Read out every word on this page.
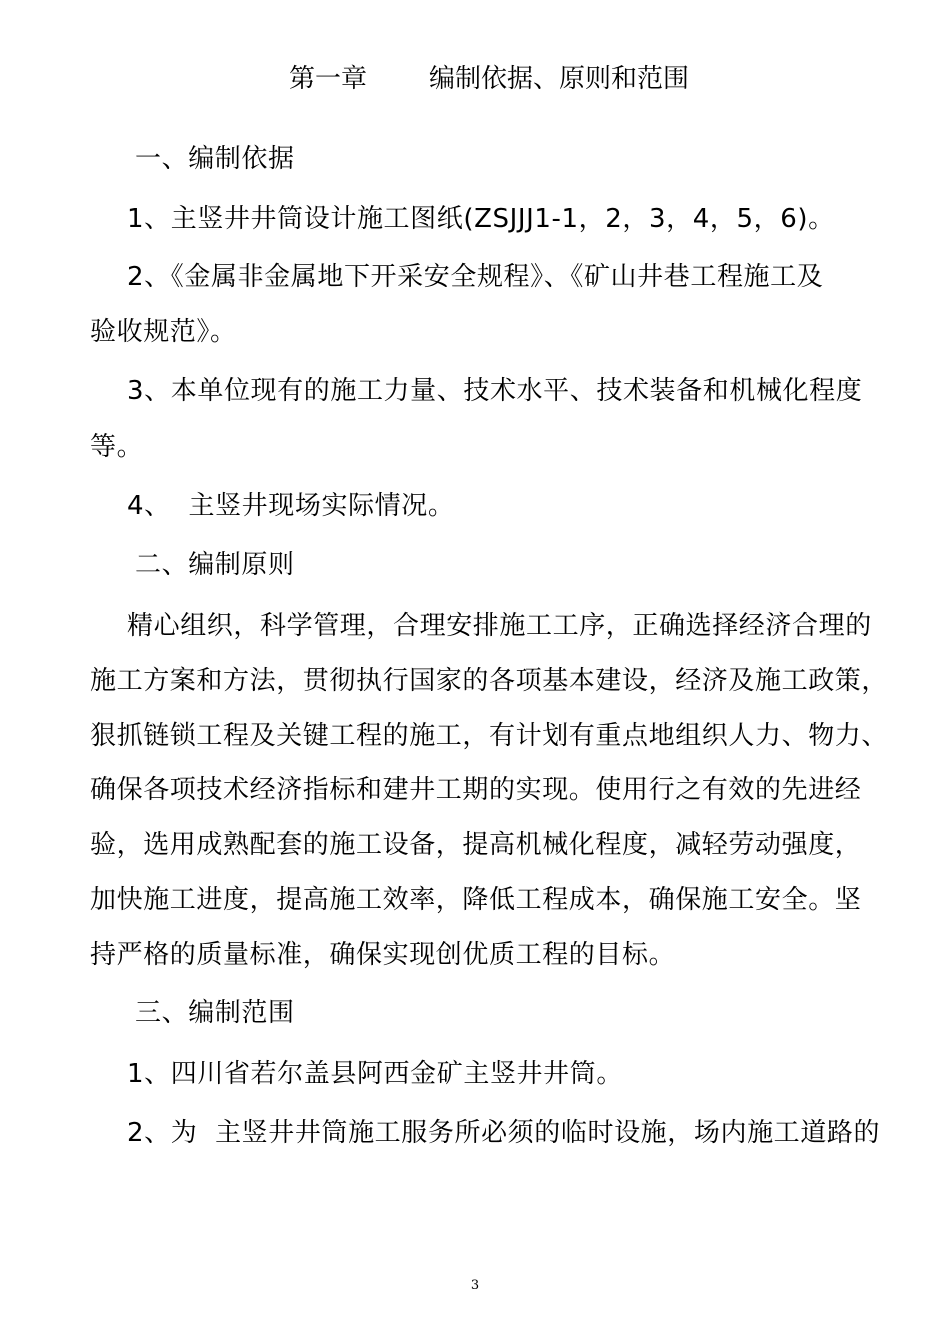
第一章 编制依据、原则和范围
一、编制依据
1、主竖井井筒设计施工图纸(ZSJJJ1-1，2，3，4，5，6)。
2、《金属非金属地下开采安全规程》、《矿山井巷工程施工及
验收规范》。
3、本单位现有的施工力量、技术水平、技术装备和机械化程度
等。
4、  主竖井现场实际情况。
二、编制原则
精心组织，科学管理，合理安排施工工序，正确选择经济合理的
施工方案和方法，贯彻执行国家的各项基本建设，经济及施工政策，
狠抓链锁工程及关键工程的施工，有计划有重点地组织人力、物力、
确保各项技术经济指标和建井工期的实现。使用行之有效的先进经
验，选用成熟配套的施工设备，提高机械化程度，减轻劳动强度，
加快施工进度，提高施工效率，降低工程成本，确保施工安全。坚
持严格的质量标准，确保实现创优质工程的目标。
三、编制范围
1、四川省若尔盖县阿西金矿主竖井井筒。
2、为  主竖井井筒施工服务所必须的临时设施，场内施工道路的
3
